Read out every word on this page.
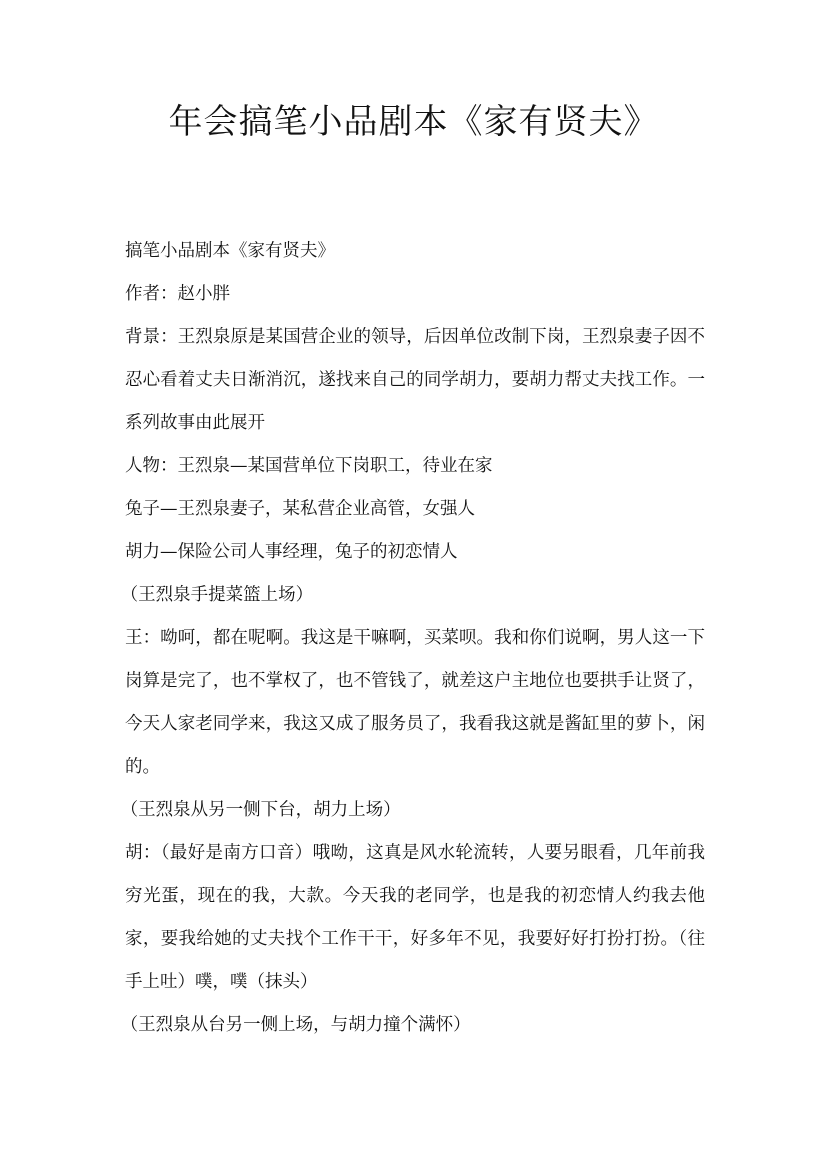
年会搞笔小品剧本《家有贤夫》

搞笔小品剧本《家有贤夫》

作者：赵小胖

背景：王烈泉原是某国营企业的领导，后因单位改制下岗，王烈泉妻子因不忍心看着丈夫日渐消沉，遂找来自己的同学胡力，要胡力帮丈夫找工作。一系列故事由此展开

人物：王烈泉—某国营单位下岗职工，待业在家

兔子—王烈泉妻子，某私营企业高管，女强人

胡力—保险公司人事经理，兔子的初恋情人

（王烈泉手提菜篮上场）

王：呦呵，都在呢啊。我这是干嘛啊，买菜呗。我和你们说啊，男人这一下岗算是完了，也不掌权了，也不管钱了，就差这户主地位也要拱手让贤了，今天人家老同学来，我这又成了服务员了，我看我这就是酱缸里的萝卜，闲的。

（王烈泉从另一侧下台，胡力上场）

胡：（最好是南方口音）哦呦，这真是风水轮流转，人要另眼看，几年前我穷光蛋，现在的我，大款。今天我的老同学，也是我的初恋情人约我去他家，要我给她的丈夫找个工作干干，好多年不见，我要好好打扮打扮。（往手上吐）噗，噗（抹头）

（王烈泉从台另一侧上场，与胡力撞个满怀）
